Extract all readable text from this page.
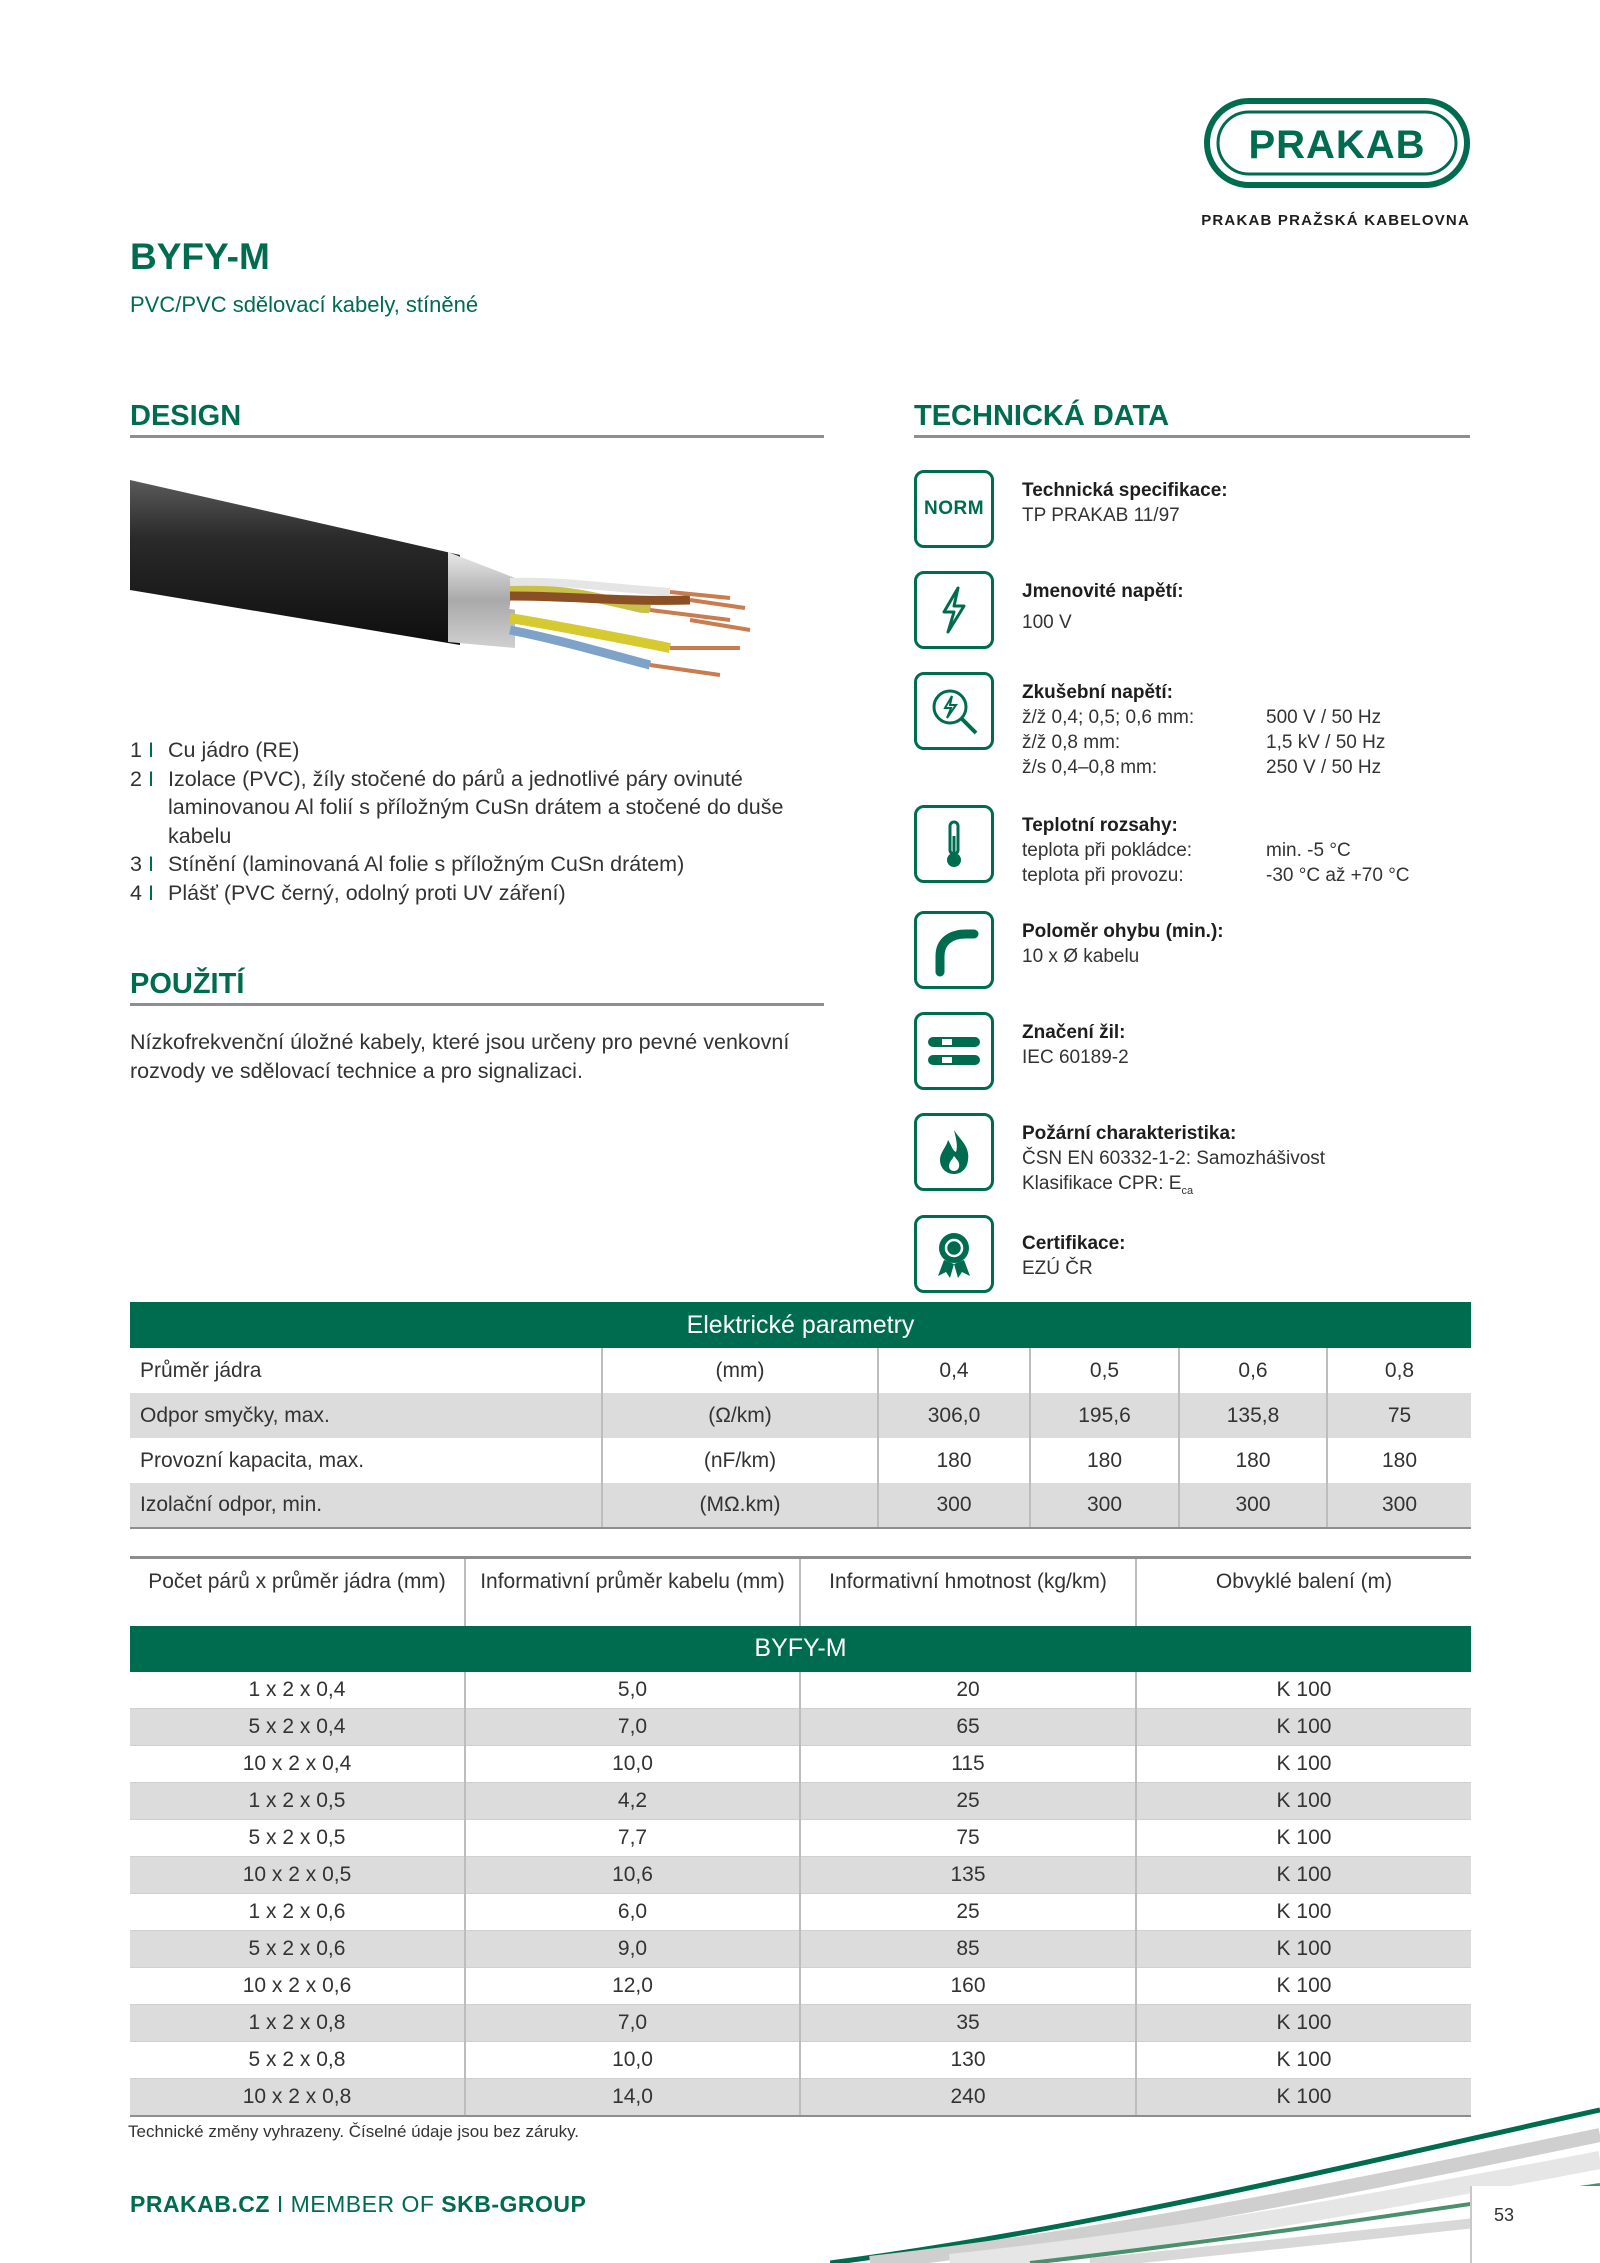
PRAKAB
PRAKAB PRAŽSKÁ KABELOVNA
BYFY-M
PVC/PVC sdělovací kabely, stíněné
DESIGN
1 I Cu jádro (RE)
2 I Izolace (PVC), žíly stočené do párů a jednotlivé páry ovinuté laminovanou Al folií s příložným CuSn drátem a stočené do duše kabelu
3 I Stínění (laminovaná Al folie s příložným CuSn drátem)
4 I Plášť (PVC černý, odolný proti UV záření)
POUŽITÍ
Nízkofrekvenční úložné kabely, které jsou určeny pro pevné venkovní rozvody ve sdělovací technice a pro signalizaci.
TECHNICKÁ DATA
NORM
Technická specifikace:
TP PRAKAB 11/97
Jmenovité napětí:
100 V
Zkušební napětí:
ž/ž 0,4; 0,5; 0,6 mm:	500 V / 50 Hz
ž/ž 0,8 mm:	1,5 kV / 50 Hz
ž/s 0,4–0,8 mm:	250 V / 50 Hz
Teplotní rozsahy:
teplota při pokládce:	min. -5 °C
teplota při provozu:	-30 °C až +70 °C
Poloměr ohybu (min.):
10 x Ø kabelu
Značení žil:
IEC 60189-2
Požární charakteristika:
ČSN EN 60332-1-2: Samozhášivost
Klasifikace CPR: $E_{ca}$
Certifikace:
EZÚ ČR
Elektrické parametry
Průměr jádra	(mm)	0,4	0,5	0,6	0,8
Odpor smyčky, max.	(Ω/km)	306,0	195,6	135,8	75
Provozní kapacita, max.	(nF/km)	180	180	180	180
Izolační odpor, min.	(MΩ.km)	300	300	300	300
Počet párů x průměr jádra (mm)	Informativní průměr kabelu (mm)	Informativní hmotnost (kg/km)	Obvyklé balení (m)
BYFY-M			
1 x 2 x 0,4	5,0	20	K 100
5 x 2 x 0,4	7,0	65	K 100
10 x 2 x 0,4	10,0	115	K 100
1 x 2 x 0,5	4,2	25	K 100
5 x 2 x 0,5	7,7	75	K 100
10 x 2 x 0,5	10,6	135	K 100
1 x 2 x 0,6	6,0	25	K 100
5 x 2 x 0,6	9,0	85	K 100
10 x 2 x 0,6	12,0	160	K 100
1 x 2 x 0,8	7,0	35	K 100
5 x 2 x 0,8	10,0	130	K 100
10 x 2 x 0,8	14,0	240	K 100
Technické změny vyhrazeny. Číselné údaje jsou bez záruky.
53
PRAKAB.CZ I MEMBER OF SKB-GROUP
